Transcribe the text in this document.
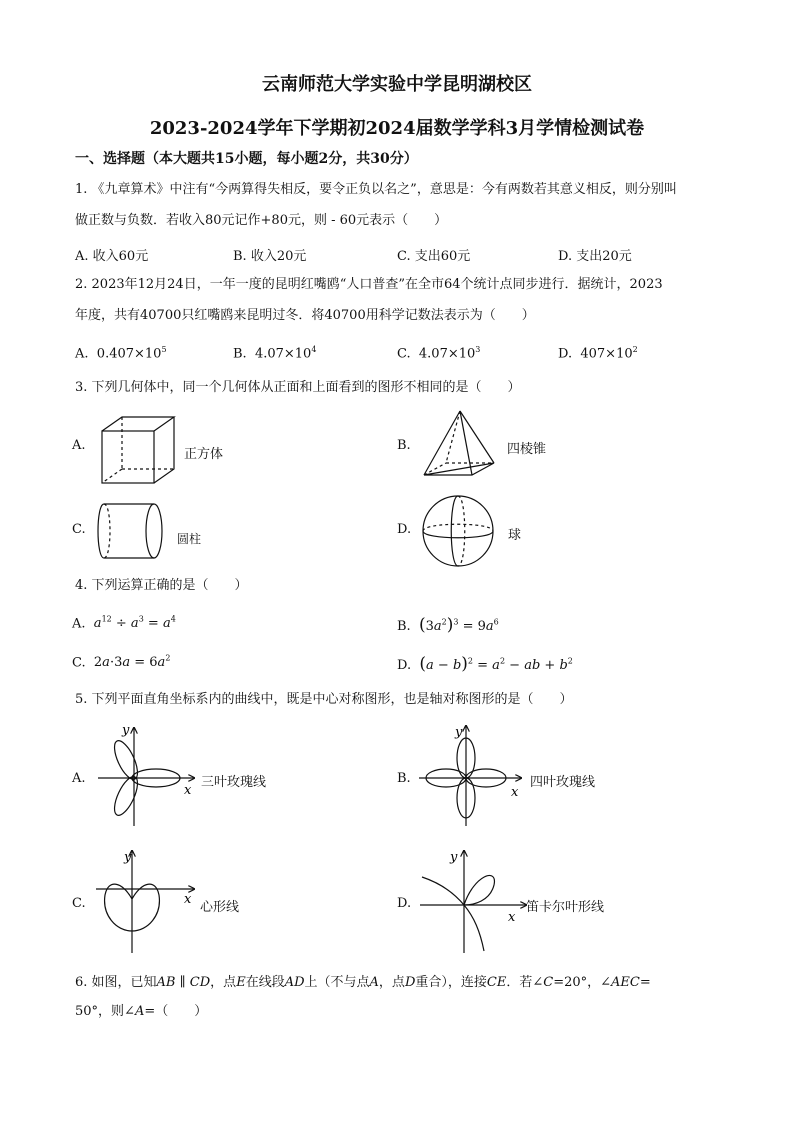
云南师范大学实验中学昆明湖校区
2023-2024学年下学期初2024届数学学科3月学情检测试卷
一、选择题（本大题共15小题，每小题2分，共30分）
1. 《九章算术》中注有“今两算得失相反，要令正负以名之”，意思是：今有两数若其意义相反，则分别叫
做正数与负数．若收入80元记作+80元，则 - 60元表示（　　）
A. 收入60元	B. 收入20元	C. 支出60元	D. 支出20元
2. 2023年12月24日，一年一度的昆明红嘴鸥“人口普查”在全市64个统计点同步进行．据统计，2023
年度，共有40700只红嘴鸥来昆明过冬．将40700用科学记数法表示为（　　）
A. $0.407\times 10^5$	B. $4.07\times 10^4$	C. $4.07\times 10^3$	D. $407\times 10^2$
3. 下列几何体中，同一个几何体从正面和上面看到的图形不相同的是（　　）
A.
正方体
B.	四棱锥
C.
圆柱
D.	球
4. 下列运算正确的是（　　）
A. $a^{12} \div a^3 = a^4$	B. $(3a^2)^3 = 9a^6$
C. $2a\cdot 3a = 6a^2$	D. $(a - b)^2 = a^2$ − ab + $b^2$
5. 下列平面直角坐标系内的曲线中，既是中心对称图形，也是轴对称图形的是（　　）
A.
x
y
三叶玫瑰线	B.
x
y
四叶玫瑰线
C.	x
y
心形线	D.
x
y
笛卡尔叶形线
6. 如图，已知AB ∥ CD，点E在线段AD上（不与点A，点D重合），连接CE．若∠C=20°，∠AEC=
50°，则∠A=（　　）
